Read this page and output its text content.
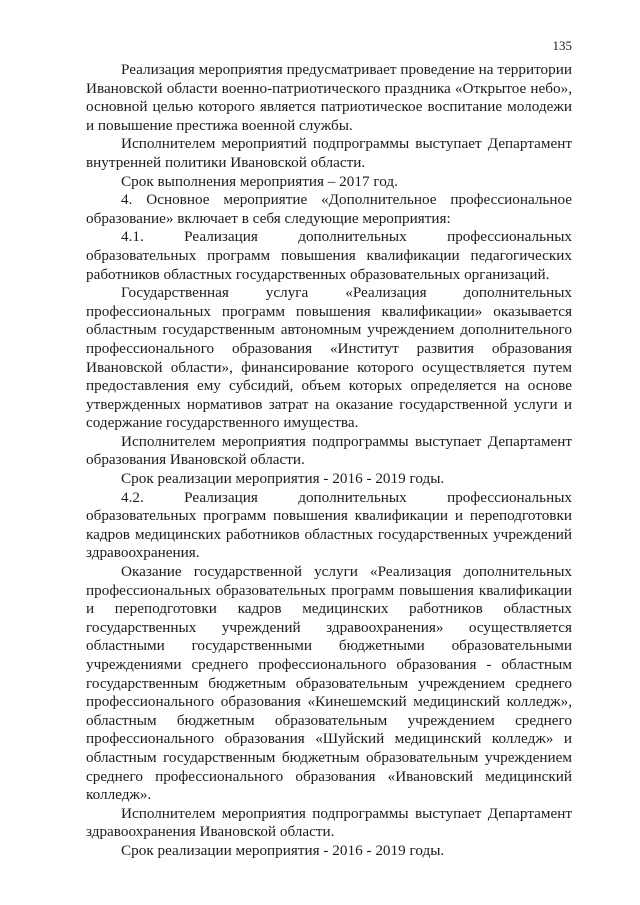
135
Реализация мероприятия предусматривает проведение на территории
Ивановской области военно-патриотического праздника «Открытое небо»,
основной целью которого является патриотическое воспитание молодежи
и повышение престижа военной службы.
Исполнителем мероприятий подпрограммы выступает Департамент
внутренней политики Ивановской области.
Срок выполнения мероприятия – 2017 год.
4. Основное мероприятие «Дополнительное профессиональное
образование» включает в себя следующие мероприятия:
4.1. Реализация дополнительных профессиональных
образовательных программ повышения квалификации педагогических
работников областных государственных образовательных организаций.
Государственная услуга «Реализация дополнительных
профессиональных программ повышения квалификации» оказывается
областным государственным автономным учреждением дополнительного
профессионального образования «Институт развития образования
Ивановской области», финансирование которого осуществляется путем
предоставления ему субсидий, объем которых определяется на основе
утвержденных нормативов затрат на оказание государственной услуги и
содержание государственного имущества.
Исполнителем мероприятия подпрограммы выступает Департамент
образования Ивановской области.
Срок реализации мероприятия - 2016 - 2019 годы.
4.2. Реализация дополнительных профессиональных
образовательных программ повышения квалификации и переподготовки
кадров медицинских работников областных государственных учреждений
здравоохранения.
Оказание государственной услуги «Реализация дополнительных
профессиональных образовательных программ повышения квалификации
и переподготовки кадров медицинских работников областных
государственных учреждений здравоохранения» осуществляется
областными государственными бюджетными образовательными
учреждениями среднего профессионального образования - областным
государственным бюджетным образовательным учреждением среднего
профессионального образования «Кинешемский медицинский колледж»,
областным бюджетным образовательным учреждением среднего
профессионального образования «Шуйский медицинский колледж» и
областным государственным бюджетным образовательным учреждением
среднего профессионального образования «Ивановский медицинский
колледж».
Исполнителем мероприятия подпрограммы выступает Департамент
здравоохранения Ивановской области.
Срок реализации мероприятия - 2016 - 2019 годы.
